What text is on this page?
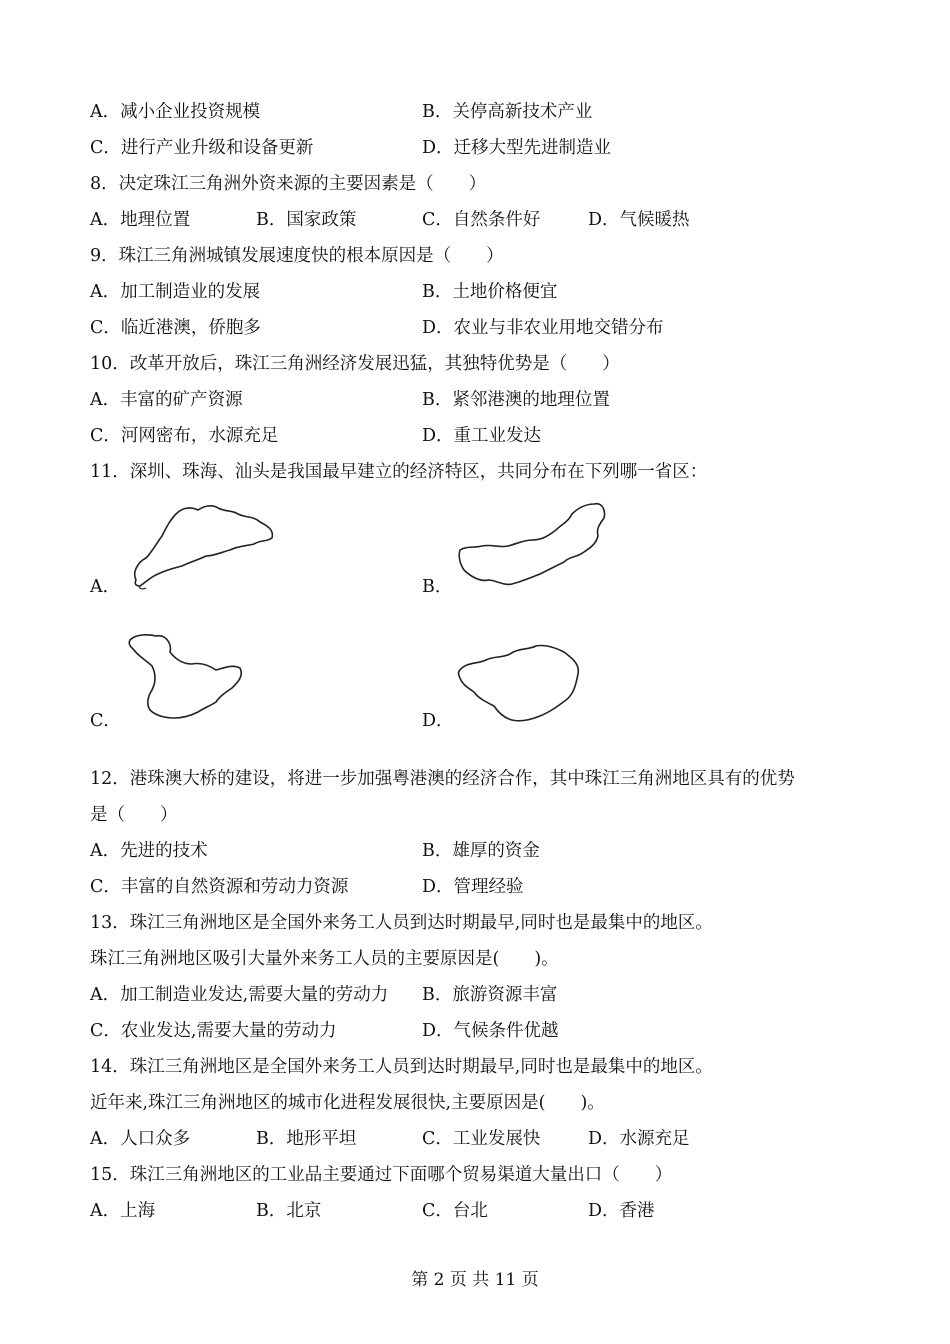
A．减小企业投资规模	B．关停高新技术产业
C．进行产业升级和设备更新	D．迁移大型先进制造业
8．决定珠江三角洲外资来源的主要因素是（　　）
A．地理位置	B．国家政策	C．自然条件好	D．气候暖热
9．珠江三角洲城镇发展速度快的根本原因是（　　）
A．加工制造业的发展	B．土地价格便宜
C．临近港澳，侨胞多	D．农业与非农业用地交错分布
10．改革开放后，珠江三角洲经济发展迅猛，其独特优势是（　　）
A．丰富的矿产资源	B．紧邻港澳的地理位置
C．河网密布，水源充足	D．重工业发达
11．深圳、珠海、汕头是我国最早建立的经济特区，共同分布在下列哪一省区：
A．	B．
C．	D．
12．港珠澳大桥的建设，将进一步加强粤港澳的经济合作，其中珠江三角洲地区具有的优势
是（　　）
A．先进的技术	B．雄厚的资金
C．丰富的自然资源和劳动力资源	D．管理经验
13．珠江三角洲地区是全国外来务工人员到达时期最早,同时也是最集中的地区。
珠江三角洲地区吸引大量外来务工人员的主要原因是(　　)。
A．加工制造业发达,需要大量的劳动力 B．旅游资源丰富
C．农业发达,需要大量的劳动力	D．气候条件优越
14．珠江三角洲地区是全国外来务工人员到达时期最早,同时也是最集中的地区。
近年来,珠江三角洲地区的城市化进程发展很快,主要原因是(　　)。
A．人口众多	B．地形平坦	C．工业发展快	D．水源充足
15．珠江三角洲地区的工业品主要通过下面哪个贸易渠道大量出口（　　）
A．上海	B．北京	C．台北	D．香港
第 2 页 共 11 页
